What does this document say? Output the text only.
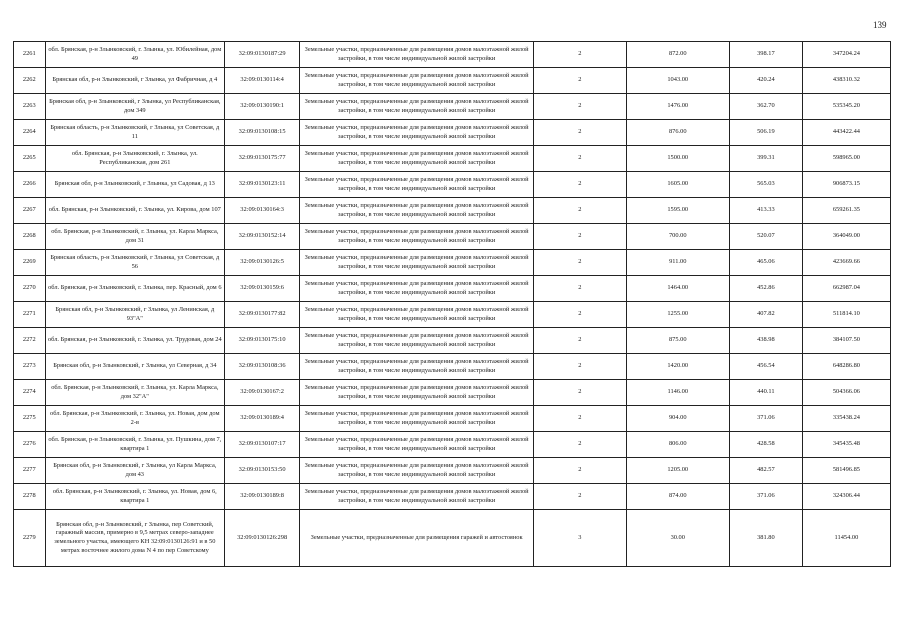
139
2261	обл. Брянская, р-н Злынковский, г. Злынка, ул. Юбилейная, дом 49	32:09:0130187:29	Земельные участки, предназначенные для размещения домов малоэтажной жилой застройки, в том числе индивидуальной жилой застройки	2	872.00	398.17	347204.24
2262	Брянская обл, р-н Злынковский, г Злынка, ул Фабричная, д 4	32:09:0130114:4	Земельные участки, предназначенные для размещения домов малоэтажной жилой застройки, в том числе индивидуальной жилой застройки	2	1043.00	420.24	438310.32
2263	Брянская обл, р-н Злынковский, г Злынка, ул Республиканская, дом 349	32:09:0130190:1	Земельные участки, предназначенные для размещения домов малоэтажной жилой застройки, в том числе индивидуальной жилой застройки	2	1476.00	362.70	535345.20
2264	Брянская область, р-н Злынковский, г Злынка, ул Советская, д 11	32:09:0130108:15	Земельные участки, предназначенные для размещения домов малоэтажной жилой застройки, в том числе индивидуальной жилой застройки	2	876.00	506.19	443422.44
2265	обл. Брянская, р-н Злынковский, г. Злынка, ул. Республиканская, дом 261	32:09:0130175:77	Земельные участки, предназначенные для размещения домов малоэтажной жилой застройки, в том числе индивидуальной жилой застройки	2	1500.00	399.31	598965.00
2266	Брянская обл, р-н Злынковский, г Злынка, ул Садовая, д 13	32:09:0130123:11	Земельные участки, предназначенные для размещения домов малоэтажной жилой застройки, в том числе индивидуальной жилой застройки	2	1605.00	565.03	906873.15
2267	обл. Брянская, р-н Злынковский, г. Злынка, ул. Кирова, дом 107	32:09:0130164:3	Земельные участки, предназначенные для размещения домов малоэтажной жилой застройки, в том числе индивидуальной жилой застройки	2	1595.00	413.33	659261.35
2268	обл. Брянская, р-н Злынковский, г. Злынка, ул. Карла Маркса, дом 31	32:09:0130152:14	Земельные участки, предназначенные для размещения домов малоэтажной жилой застройки, в том числе индивидуальной жилой застройки	2	700.00	520.07	364049.00
2269	Брянская область, р-н Злынковский, г Злынка, ул Советская, д 56	32:09:0130126:5	Земельные участки, предназначенные для размещения домов малоэтажной жилой застройки, в том числе индивидуальной жилой застройки	2	911.00	465.06	423669.66
2270	обл. Брянская, р-н Злынковский, г. Злынка, пер. Красный, дом 6	32:09:0130159:6	Земельные участки, предназначенные для размещения домов малоэтажной жилой застройки, в том числе индивидуальной жилой застройки	2	1464.00	452.86	662987.04
2271	Брянская обл, р-н Злынковский, г Злынка, ул Ленинская, д 93"А"	32:09:0130177:82	Земельные участки, предназначенные для размещения домов малоэтажной жилой застройки, в том числе индивидуальной жилой застройки	2	1255.00	407.82	511814.10
2272	обл. Брянская, р-н Злынковский, г. Злынка, ул. Трудовая, дом 24	32:09:0130175:10	Земельные участки, предназначенные для размещения домов малоэтажной жилой застройки, в том числе индивидуальной жилой застройки	2	875.00	438.98	384107.50
2273	Брянская обл, р-н Злынковский, г Злынка, ул Северная, д 34	32:09:0130108:36	Земельные участки, предназначенные для размещения домов малоэтажной жилой застройки, в том числе индивидуальной жилой застройки	2	1420.00	456.54	648286.80
2274	обл. Брянская, р-н Злынковский, г. Злынка, ул. Карла Маркса, дом 32"А"	32:09:0130167:2	Земельные участки, предназначенные для размещения домов малоэтажной жилой застройки, в том числе индивидуальной жилой застройки	2	1146.00	440.11	504366.06
2275	обл. Брянская, р-н Злынковский, г. Злынка, ул. Новая, дом дом 2-в	32:09:0130189:4	Земельные участки, предназначенные для размещения домов малоэтажной жилой застройки, в том числе индивидуальной жилой застройки	2	904.00	371.06	335438.24
2276	обл. Брянская, р-н Злынковский, г. Злынка, ул. Пушкина, дом 7, квартира 1	32:09:0130107:17	Земельные участки, предназначенные для размещения домов малоэтажной жилой застройки, в том числе индивидуальной жилой застройки	2	806.00	428.58	345435.48
2277	Брянская обл, р-н Злынковский, г Злынка, ул Карла Маркса, дом 43	32:09:0130153:50	Земельные участки, предназначенные для размещения домов малоэтажной жилой застройки, в том числе индивидуальной жилой застройки	2	1205.00	482.57	581496.85
2278	обл. Брянская, р-н Злынковский, г. Злынка, ул. Новая, дом 6, квартира 1	32:09:0130189:8	Земельные участки, предназначенные для размещения домов малоэтажной жилой застройки, в том числе индивидуальной жилой застройки	2	874.00	371.06	324306.44
2279	Брянская обл, р-н Злынковский, г Злынка, пер Советский, гаражный массив, примерно в 9,5 метрах северо-западнее земельного участка, имеющего КН 32:09:0130126:91 и в 50 метрах восточнее жилого дома N 4 по пер Советскому	32:09:0130126:298	Земельные участки, предназначенные для размещения гаражей и автостоянок	3	30.00	381.80	11454.00
